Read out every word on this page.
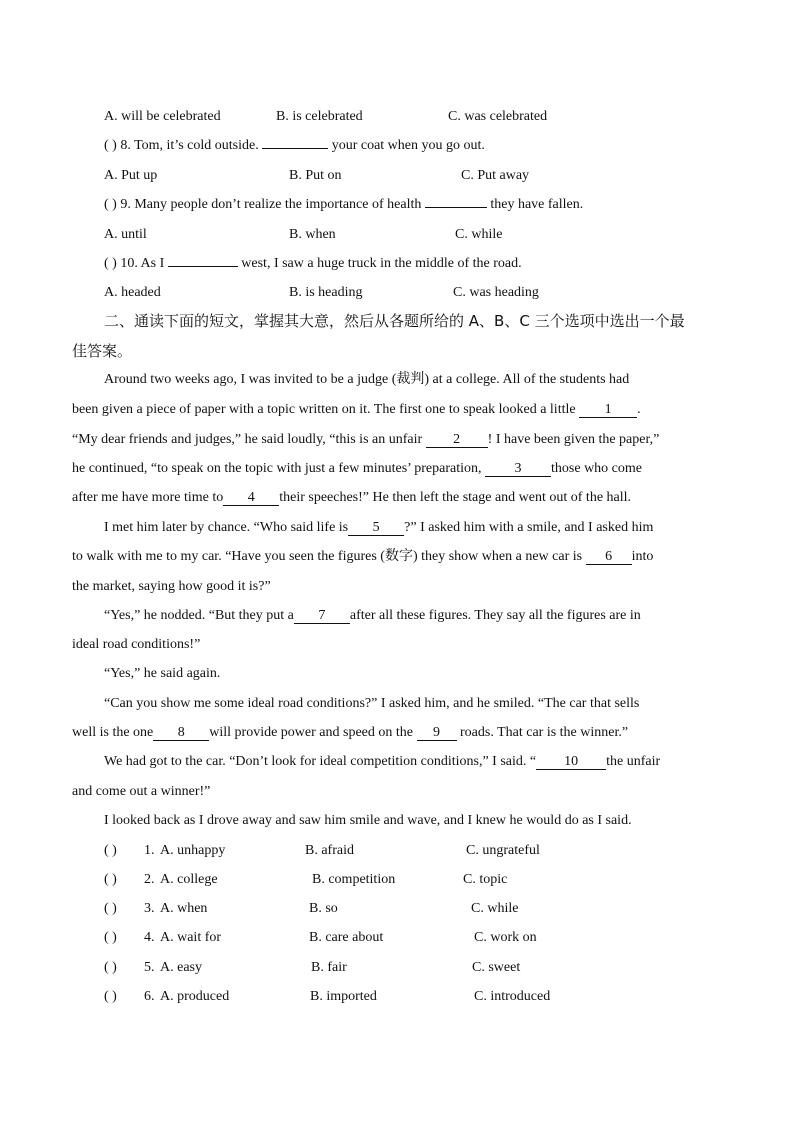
A. will be celebrated	B. is celebrated	C. was celebrated
( ) 8. Tom, it’s cold outside.	your coat when you go out.
A. Put up	B. Put on	C. Put away
( ) 9. Many people don’t realize the importance of health	they have fallen.
A. until	B. when	C. while
( ) 10. As I	west, I saw a huge truck in the middle of the road.
A. headed	B. is heading	C. was heading
二、通读下面的短文，掌握其大意，然后从各题所给的 A、B、C 三个选项中选出一个最
佳答案。
Around two weeks ago, I was invited to be a judge (裁判) at a college. All of the students had
been given a piece of paper with a topic written on it. The first one to speak looked a little 1 .
“My dear friends and judges,” he said loudly, “this is an unfair 2 ! I have been given the paper,”
he continued, “to speak on the topic with just a few minutes’ preparation, 3 those who come
after me have more time to 4 their speeches!” He then left the stage and went out of the hall.
I met him later by chance. “Who said life is 5 ?” I asked him with a smile, and I asked him
to walk with me to my car. “Have you seen the figures (数字) they show when a new car is 6 into
the market, saying how good it is?”
“Yes,” he nodded. “But they put a 7 after all these figures. They say all the figures are in
ideal road conditions!”
“Yes,” he said again.
“Can you show me some ideal road conditions?” I asked him, and he smiled. “The car that sells
well is the one 8 will provide power and speed on the 9 roads. That car is the winner.”
We had got to the car. “Don’t look for ideal competition conditions,” I said. “ 10 the unfair
and come out a winner!”
I looked back as I drove away and saw him smile and wave, and I knew he would do as I said.
( ) 1. A. unhappy	B. afraid	C. ungrateful
( ) 2. A. college	B. competition	C. topic
( ) 3. A. when	B. so	C. while
( ) 4. A. wait for	B. care about	C. work on
( ) 5. A. easy	B. fair	C. sweet
( ) 6. A. produced	B. imported	C. introduced
